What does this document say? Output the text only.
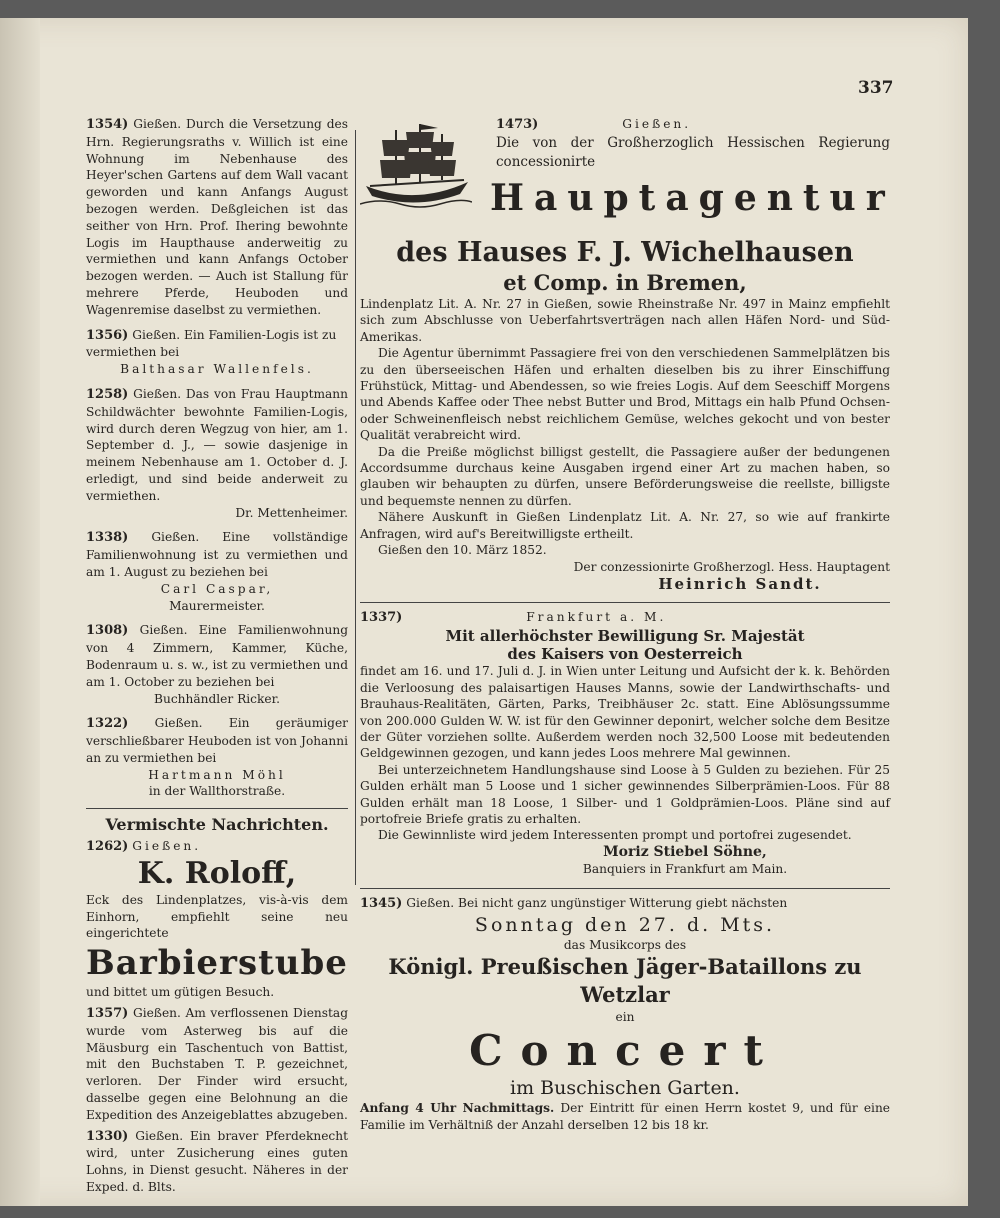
337

1354) Gießen. Durch die Versetzung des Hrn. Regierungsraths v. Willich ist eine Wohnung im Nebenhause des Heyer'schen Gartens auf dem Wall vacant geworden und kann Anfangs August bezogen werden. Deßgleichen ist das seither von Hrn. Prof. Ihering bewohnte Logis im Haupthause anderweitig zu vermiethen und kann Anfangs October bezogen werden. — Auch ist Stallung für mehrere Pferde, Heuboden und Wagenremise daselbst zu vermiethen.

1356) Gießen. Ein Familien-Logis ist zu vermiethen bei

Balthasar Wallenfels.

1258) Gießen. Das von Frau Hauptmann Schildwächter bewohnte Familien-Logis, wird durch deren Wegzug von hier, am 1. September d. J., — sowie dasjenige in meinem Nebenhause am 1. October d. J. erledigt, und sind beide anderweit zu vermiethen.

Dr. Mettenheimer.

1338) Gießen. Eine vollständige Familienwohnung ist zu vermiethen und am 1. August zu beziehen bei

Carl Caspar,

Maurermeister.

1308) Gießen. Eine Familienwohnung von 4 Zimmern, Kammer, Küche, Bodenraum u. s. w., ist zu vermiethen und am 1. October zu beziehen bei

Buchhändler Ricker.

1322) Gießen. Ein geräumiger verschließbarer Heuboden ist von Johanni an zu vermiethen bei

Hartmann Möhl

in der Wallthorstraße.

Vermischte Nachrichten.

1262) Gießen.

K. Roloff,

Eck des Lindenplatzes, vis-à-vis dem Einhorn, empfiehlt seine neu eingerichtete

Barbierstube

und bittet um gütigen Besuch.

1357) Gießen. Am verflossenen Dienstag wurde vom Asterweg bis auf die Mäusburg ein Taschentuch von Battist, mit den Buchstaben T. P. gezeichnet, verloren. Der Finder wird ersucht, dasselbe gegen eine Belohnung an die Expedition des Anzeigeblattes abzugeben.

1330) Gießen. Ein braver Pferdeknecht wird, unter Zusicherung eines guten Lohns, in Dienst gesucht. Näheres in der Exped. d. Blts.

1473)	Gießen.

Die von der Großherzoglich Hessischen Regierung concessionirte

Hauptagentur

des Hauses F. J. Wichelhausen

et Comp. in Bremen,

Lindenplatz Lit. A. Nr. 27 in Gießen, sowie Rheinstraße Nr. 497 in Mainz empfiehlt sich zum Abschlusse von Ueberfahrtsverträgen nach allen Häfen Nord- und Süd-Amerikas.

Die Agentur übernimmt Passagiere frei von den verschiedenen Sammelplätzen bis zu den überseeischen Häfen und erhalten dieselben bis zu ihrer Einschiffung Frühstück, Mittag- und Abendessen, so wie freies Logis. Auf dem Seeschiff Morgens und Abends Kaffee oder Thee nebst Butter und Brod, Mittags ein halb Pfund Ochsen- oder Schweinenfleisch nebst reichlichem Gemüse, welches gekocht und von bester Qualität verabreicht wird.

Da die Preiße möglichst billigst gestellt, die Passagiere außer der bedungenen Accordsumme durchaus keine Ausgaben irgend einer Art zu machen haben, so glauben wir behaupten zu dürfen, unsere Beförderungsweise die reellste, billigste und bequemste nennen zu dürfen.

Nähere Auskunft in Gießen Lindenplatz Lit. A. Nr. 27, so wie auf frankirte Anfragen, wird auf's Bereitwilligste ertheilt.

Gießen den 10. März 1852.

Der conzessionirte Großherzogl. Hess. Hauptagent

Heinrich Sandt.

1337)	Frankfurt a. M.

Mit allerhöchster Bewilligung Sr. Majestät

des Kaisers von Oesterreich

findet am 16. und 17. Juli d. J. in Wien unter Leitung und Aufsicht der k. k. Behörden die Verloosung des palaisartigen Hauses Manns, sowie der Landwirthschafts- und Brauhaus-Realitäten, Gärten, Parks, Treibhäuser 2c. statt. Eine Ablösungssumme von 200.000 Gulden W. W. ist für den Gewinner deponirt, welcher solche dem Besitze der Güter vorziehen sollte. Außerdem werden noch 32,500 Loose mit bedeutenden Geldgewinnen gezogen, und kann jedes Loos mehrere Mal gewinnen.

Bei unterzeichnetem Handlungshause sind Loose à 5 Gulden zu beziehen. Für 25 Gulden erhält man 5 Loose und 1 sicher gewinnendes Silberprämien-Loos. Für 88 Gulden erhält man 18 Loose, 1 Silber- und 1 Goldprämien-Loos. Pläne sind auf portofreie Briefe gratis zu erhalten.

Die Gewinnliste wird jedem Interessenten prompt und portofrei zugesendet.

Moriz Stiebel Söhne,

Banquiers in Frankfurt am Main.

1345) Gießen. Bei nicht ganz ungünstiger Witterung giebt nächsten

Sonntag den 27. d. Mts.

das Musikcorps des

Königl. Preußischen Jäger-Bataillons zu Wetzlar

ein

Concert

im Buschischen Garten.

Anfang 4 Uhr Nachmittags. Der Eintritt für einen Herrn kostet 9, und für eine Familie im Verhältniß der Anzahl derselben 12 bis 18 kr.
